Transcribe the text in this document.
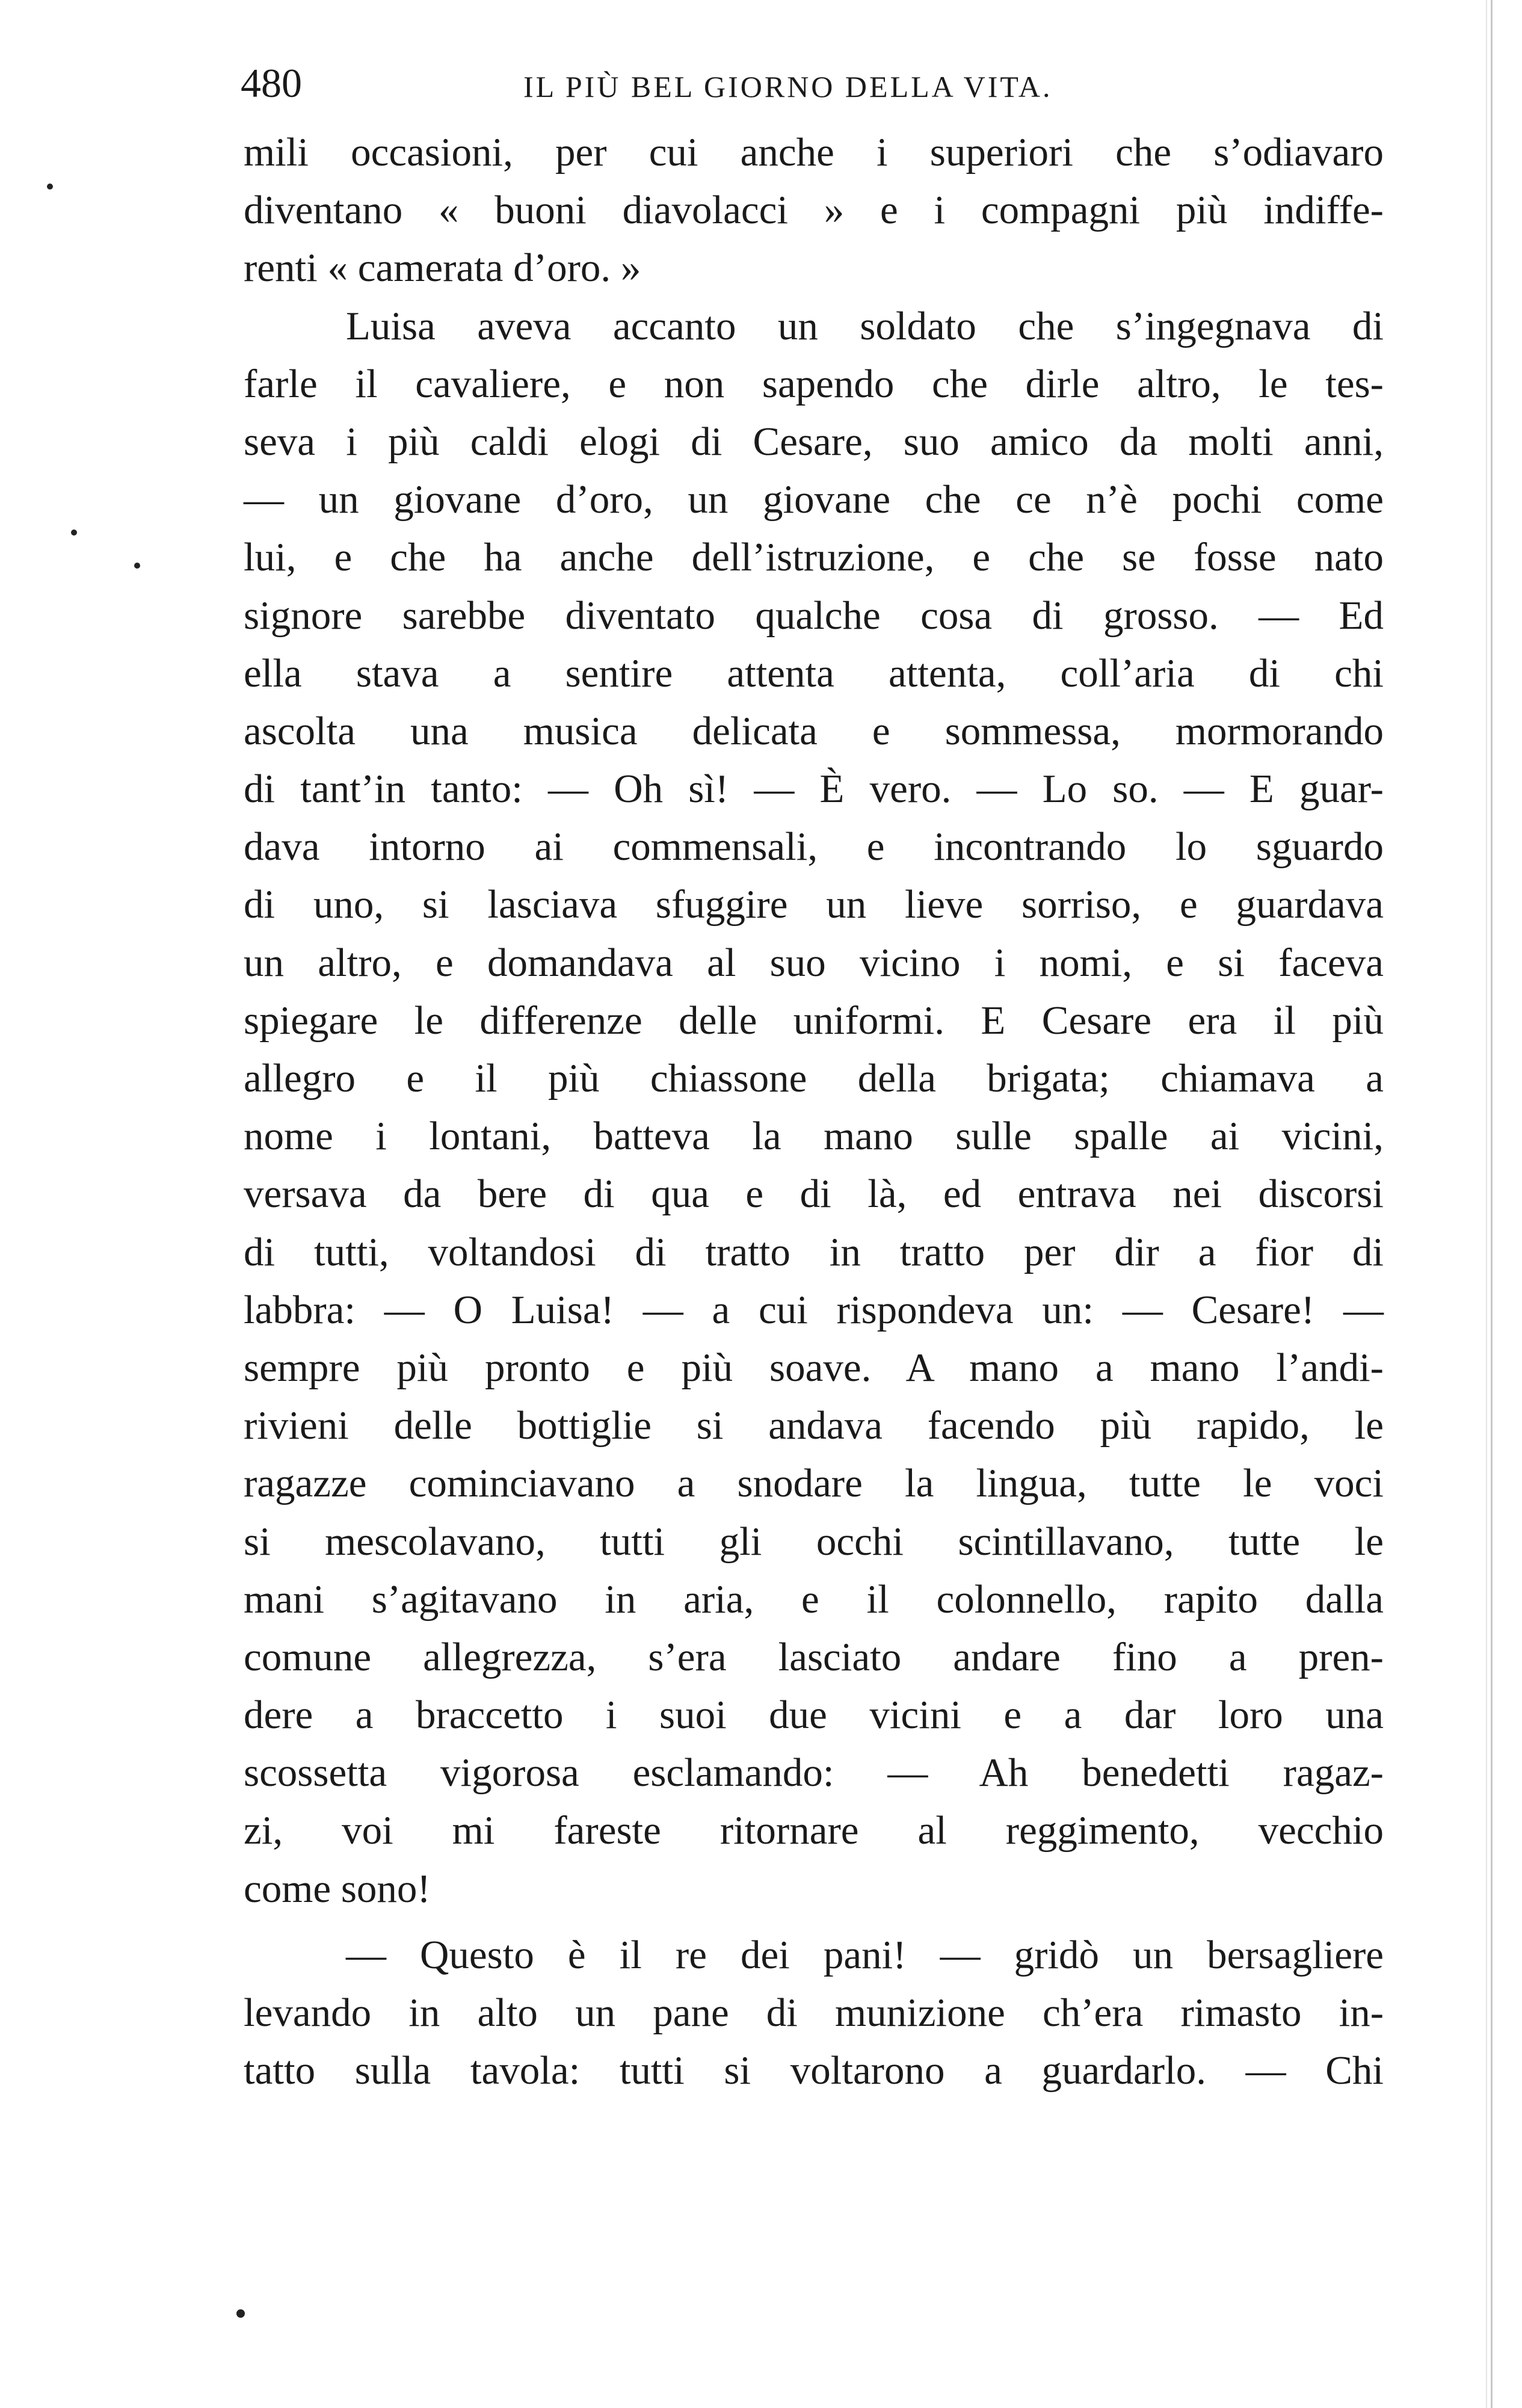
480	IL PIÙ BEL GIORNO DELLA VITA.
mili occasioni, per cui anche i superiori che s’odiavaro
diventano « buoni diavolacci » e i compagni più indiffe-
renti « camerata d’oro. »
Luisa aveva accanto un soldato che s’ingegnava di
farle il cavaliere, e non sapendo che dirle altro, le tes-
seva i più caldi elogi di Cesare, suo amico da molti anni,
— un giovane d’oro, un giovane che ce n’è pochi come
lui, e che ha anche dell’istruzione, e che se fosse nato
signore sarebbe diventato qualche cosa di grosso. — Ed
ella stava a sentire attenta attenta, coll’aria di chi
ascolta una musica delicata e sommessa, mormorando
di tant’in tanto: — Oh sì! — È vero. — Lo so. — E guar-
dava intorno ai commensali, e incontrando lo sguardo
di uno, si lasciava sfuggire un lieve sorriso, e guardava
un altro, e domandava al suo vicino i nomi, e si faceva
spiegare le differenze delle uniformi. E Cesare era il più
allegro e il più chiassone della brigata; chiamava a
nome i lontani, batteva la mano sulle spalle ai vicini,
versava da bere di qua e di là, ed entrava nei discorsi
di tutti, voltandosi di tratto in tratto per dir a fior di
labbra: — O Luisa! — a cui rispondeva un: — Cesare! —
sempre più pronto e più soave. A mano a mano l’andi-
rivieni delle bottiglie si andava facendo più rapido, le
ragazze cominciavano a snodare la lingua, tutte le voci
si mescolavano, tutti gli occhi scintillavano, tutte le
mani s’agitavano in aria, e il colonnello, rapito dalla
comune allegrezza, s’era lasciato andare fino a pren-
dere a braccetto i suoi due vicini e a dar loro una
scossetta vigorosa esclamando: — Ah benedetti ragaz-
zi, voi mi fareste ritornare al reggimento, vecchio
come sono!
— Questo è il re dei pani! — gridò un bersagliere
levando in alto un pane di munizione ch’era rimasto in-
tatto sulla tavola: tutti si voltarono a guardarlo. — Chi
